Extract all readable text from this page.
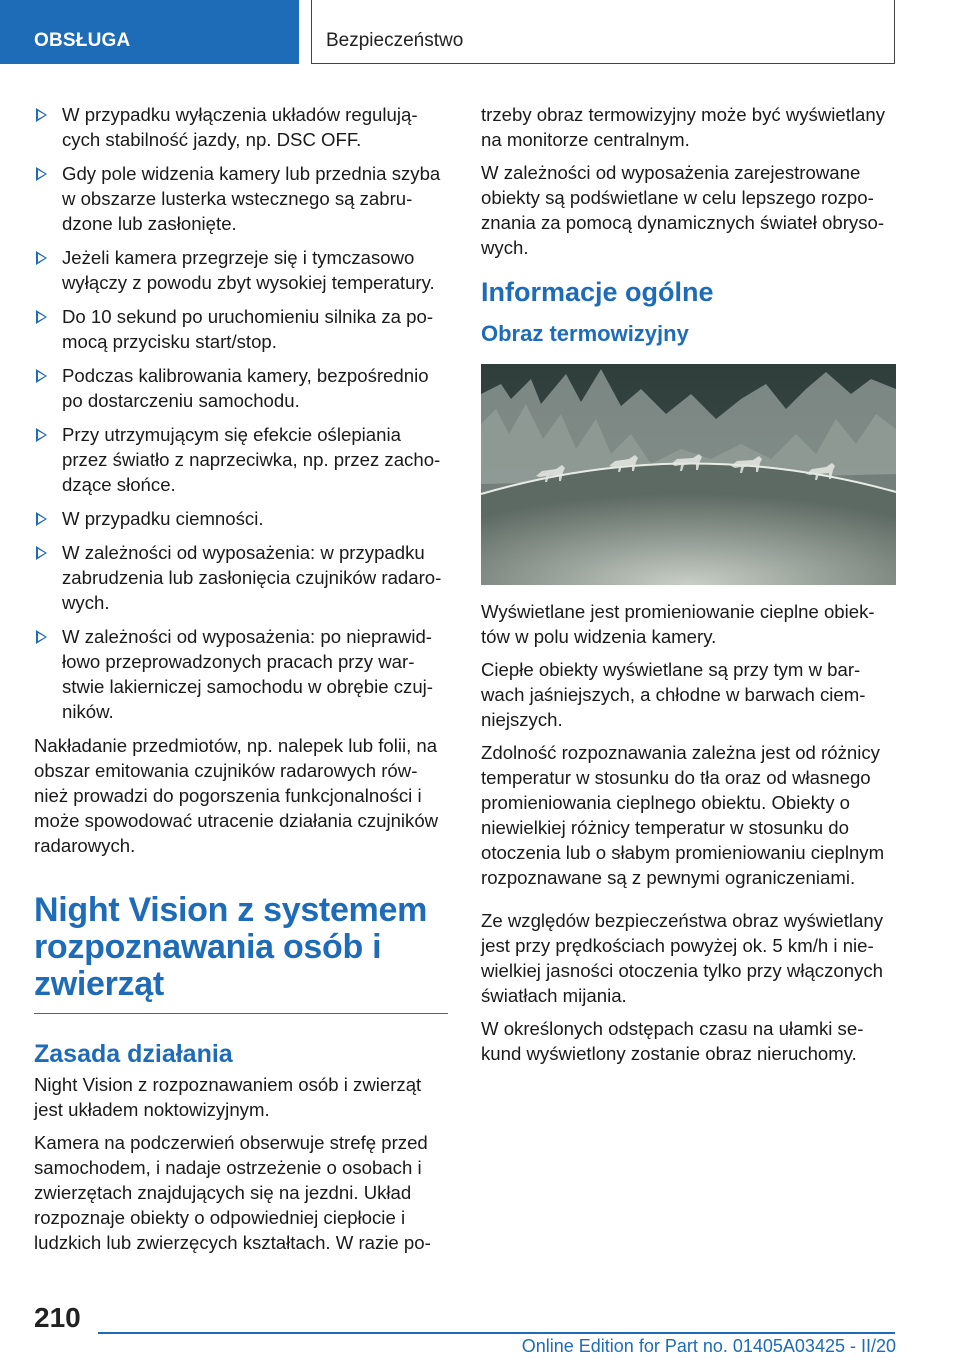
OBSŁUGA	Bezpieczeństwo
W przypadku wyłączenia układów regulują-cych stabilność jazdy, np. DSC OFF.
Gdy pole widzenia kamery lub przednia szyba w obszarze lusterka wstecznego są zabru-dzone lub zasłonięte.
Jeżeli kamera przegrzeje się i tymczasowo wyłączy z powodu zbyt wysokiej temperatury.
Do 10 sekund po uruchomieniu silnika za po-mocą przycisku start/stop.
Podczas kalibrowania kamery, bezpośrednio po dostarczeniu samochodu.
Przy utrzymującym się efekcie oślepiania przez światło z naprzeciwka, np. przez zacho-dzące słońce.
W przypadku ciemności.
W zależności od wyposażenia: w przypadku zabrudzenia lub zasłonięcia czujników radaro-wych.
W zależności od wyposażenia: po nieprawid-łowo przeprowadzonych pracach przy war-stwie lakierniczej samochodu w obrębie czuj-ników.

Nakładanie przedmiotów, np. nalepek lub folii, na obszar emitowania czujników radarowych rów-nież prowadzi do pogorszenia funkcjonalności i może spowodować utracenie działania czujników radarowych.

Night Vision z systemem rozpoznawania osób i zwierząt
Zasada działania

Night Vision z rozpoznawaniem osób i zwierząt jest układem noktowizyjnym.

Kamera na podczerwień obserwuje strefę przed samochodem, i nadaje ostrzeżenie o osobach i zwierzętach znajdujących się na jezdni. Układ rozpoznaje obiekty o odpowiedniej ciepłocie i ludzkich lub zwierzęcych kształtach. W razie po-

trzeby obraz termowizyjny może być wyświetlany na monitorze centralnym.

W zależności od wyposażenia zarejestrowane obiekty są podświetlane w celu lepszego rozpo-znania za pomocą dynamicznych świateł obryso-wych.

Informacje ogólne
Obraz termowizyjny

Wyświetlane jest promieniowanie cieplne obiek-tów w polu widzenia kamery.

Ciepłe obiekty wyświetlane są przy tym w bar-wach jaśniejszych, a chłodne w barwach ciem-niejszych.

Zdolność rozpoznawania zależna jest od różnicy temperatur w stosunku do tła oraz od własnego promieniowania cieplnego obiektu. Obiekty o niewielkiej różnicy temperatur w stosunku do otoczenia lub o słabym promieniowaniu cieplnym rozpoznawane są z pewnymi ograniczeniami.

Ze względów bezpieczeństwa obraz wyświetlany jest przy prędkościach powyżej ok. 5 km/h i nie-wielkiej jasności otoczenia tylko przy włączonych światłach mijania.

W określonych odstępach czasu na ułamki se-kund wyświetlony zostanie obraz nieruchomy.

210
Online Edition for Part no. 01405A03425 - II/20
